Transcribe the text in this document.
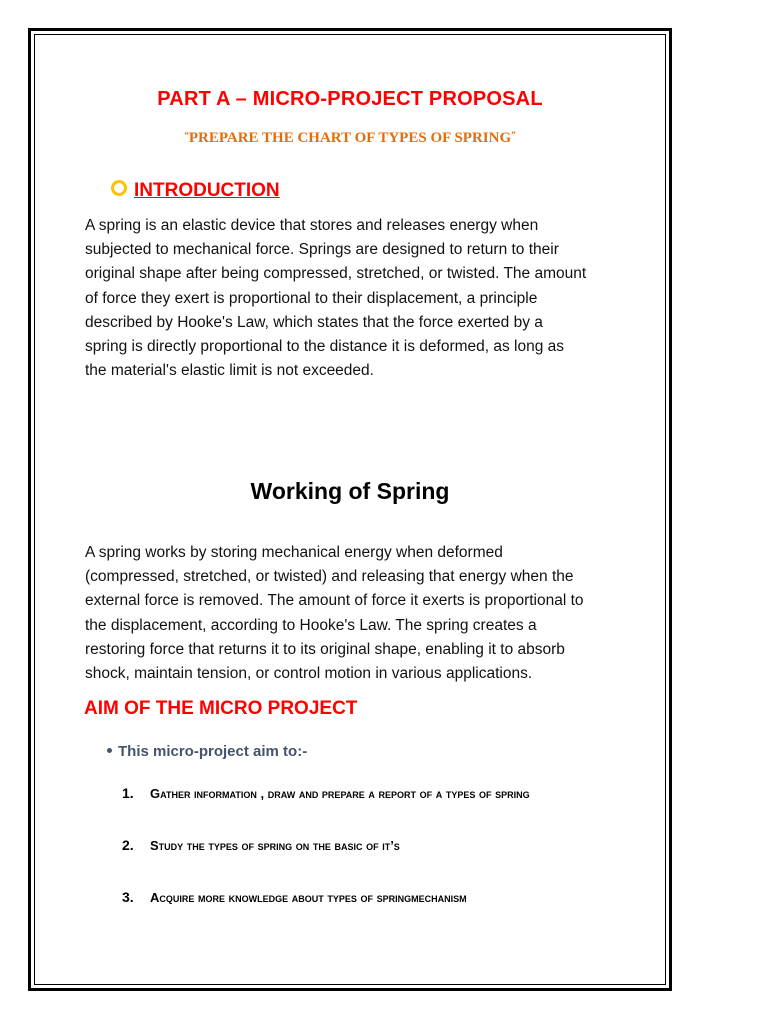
PART A – MICRO-PROJECT PROPOSAL
“PREPARE THE CHART OF TYPES OF SPRING”
INTRODUCTION
A spring is an elastic device that stores and releases energy when
subjected to mechanical force. Springs are designed to return to their
original shape after being compressed, stretched, or twisted. The amount
of force they exert is proportional to their displacement, a principle
described by Hooke's Law, which states that the force exerted by a
spring is directly proportional to the distance it is deformed, as long as
the material's elastic limit is not exceeded.
Working of Spring
A spring works by storing mechanical energy when deformed
(compressed, stretched, or twisted) and releasing that energy when the
external force is removed. The amount of force it exerts is proportional to
the displacement, according to Hooke's Law. The spring creates a
restoring force that returns it to its original shape, enabling it to absorb
shock, maintain tension, or control motion in various applications.
AIM OF THE MICRO PROJECT
This micro-project aim to:-
1.	Gather information , draw and prepare a report of a types of spring
2.	Study the types of spring on the basic of it’s
3.	Acquire more knowledge about types of springmechanism
